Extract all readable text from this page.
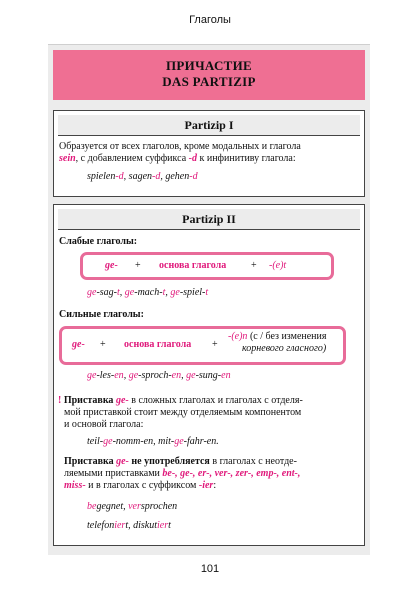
Глаголы
ПРИЧАСТИЕ
DAS PARTIZIP
Partizip I
Образуется от всех глаголов, кроме модальных и глагола
sein, с добавлением суффикса -d к инфинитиву глагола:
spielen-d, sagen-d, gehen-d
Partizip II
Слабые глаголы:
ge- + основа глагола + -(e)t
ge-sag-t, ge-mach-t, ge-spiel-t
Сильные глаголы:
ge- + основа глагола +
-(e)n (с / без изменения
корневого гласного)
ge-les-en, ge-sproch-en, ge-sung-en
! Приставка ge- в сложных глаголах и глаголах с отделя-
мой приставкой стоит между отделяемым компонентом
и основой глагола:
teil-ge-nomm-en, mit-ge-fahr-en.
Приставка ge- не употребляется в глаголах с неотде-
ляемыми приставками be-, ge-, er-, ver-, zer-, emp-, ent-,
miss- и в глаголах с суффиксом -ier:
begegnet, versprochen
telefoniert, diskutiert
101
